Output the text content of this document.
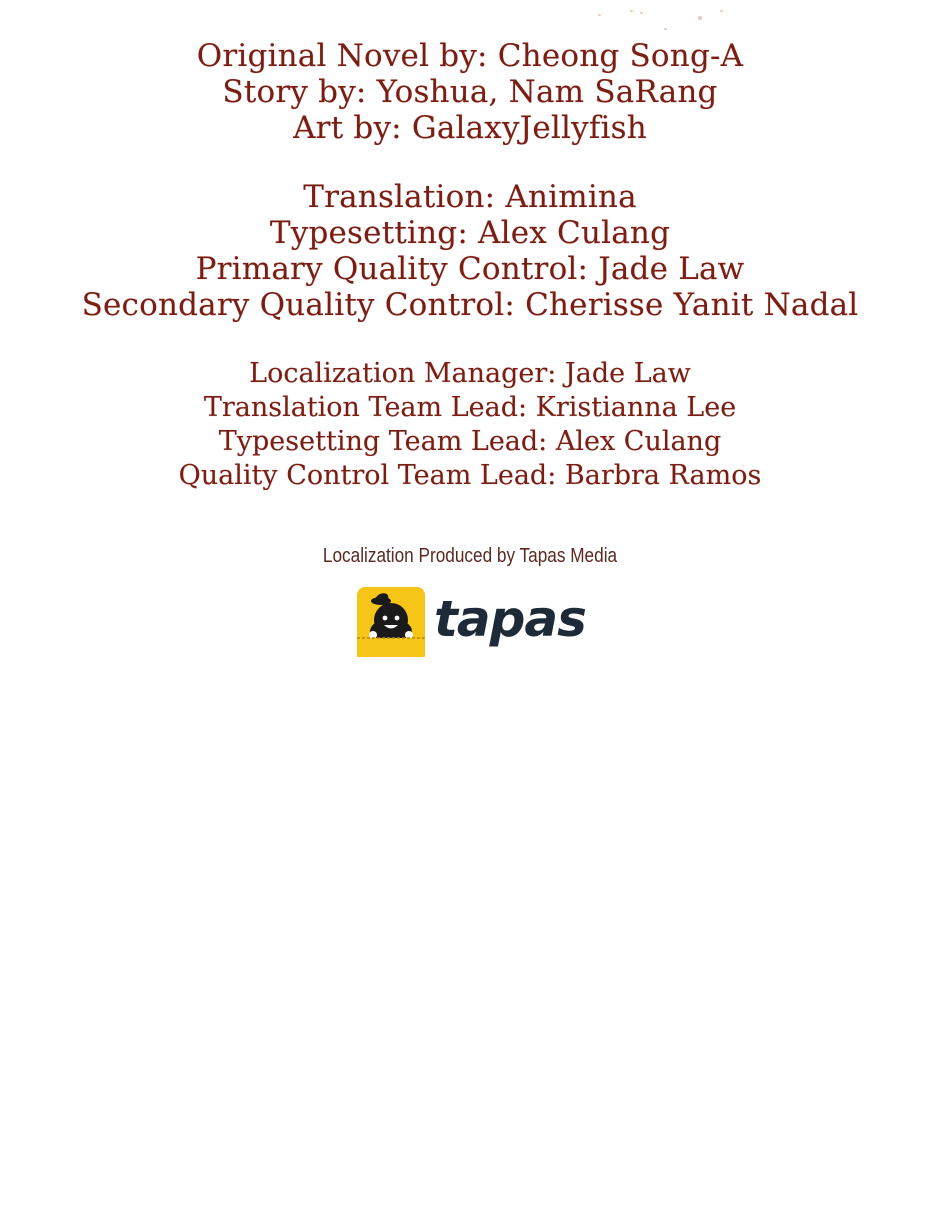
Original Novel by: Cheong Song-A
Story by: Yoshua, Nam SaRang
Art by: GalaxyJellyfish
Translation: Animina
Typesetting: Alex Culang
Primary Quality Control: Jade Law
Secondary Quality Control: Cherisse Yanit Nadal
Localization Manager: Jade Law
Translation Team Lead: Kristianna Lee
Typesetting Team Lead: Alex Culang
Quality Control Team Lead: Barbra Ramos
Localization Produced by Tapas Media
tapas
